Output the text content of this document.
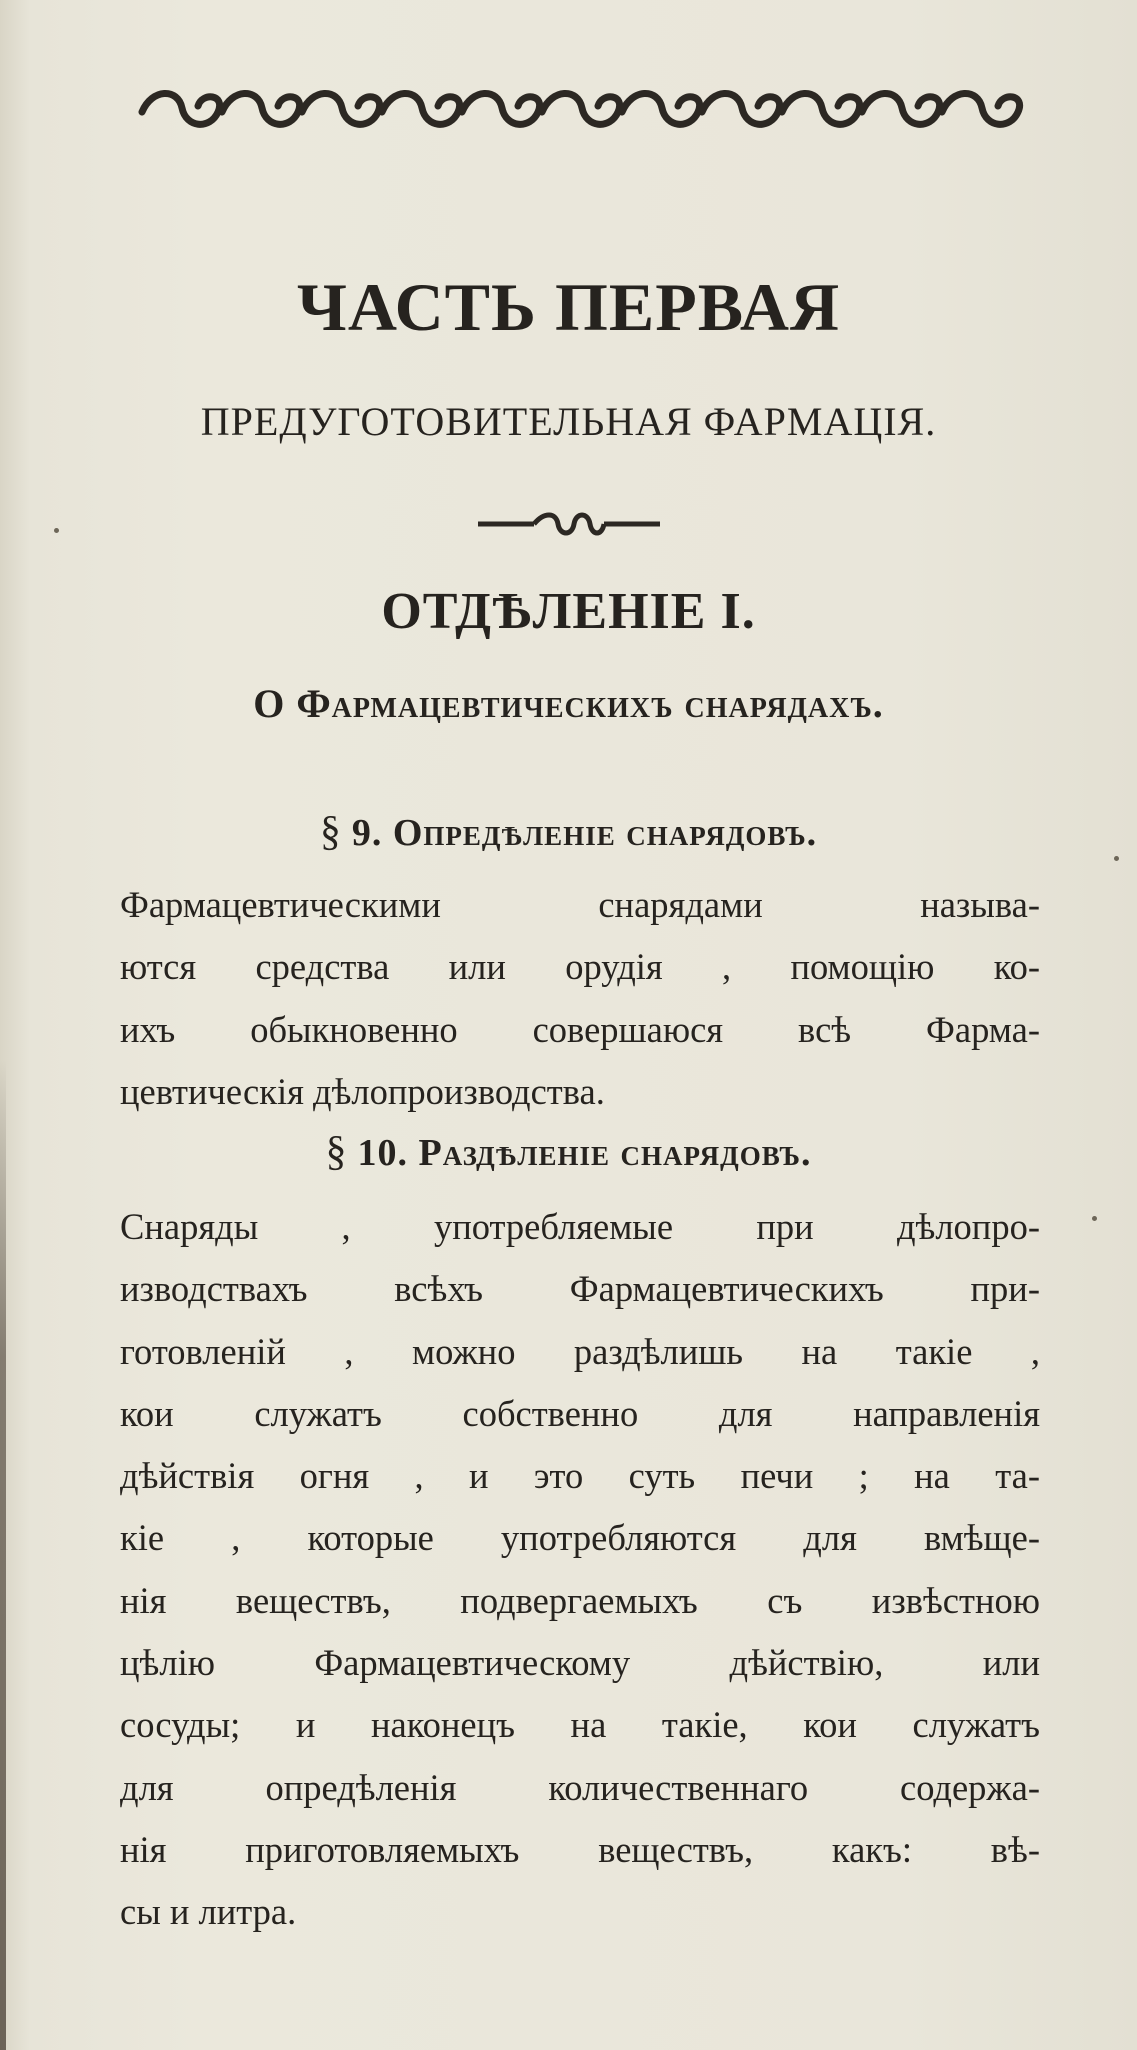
ЧАСТЬ ПЕРВАЯ
ПРЕДУГОТОВИТЕЛЬНАЯ ФАРМАЦІЯ.
ОТДѢЛЕНІЕ I.
О Фармацевтическихъ снарядахъ.
§ 9. Опредѣленіе снарядовъ.
Фармацевтическими снарядами называ-
ются средства или орудія , помощію ко-
ихъ обыкновенно совершаюся всѣ Фарма-
цевтическія дѣлопроизводства.
§ 10. Раздѣленіе снарядовъ.
Снаряды , употребляемые при дѣлопро-
изводствахъ всѣхъ Фармацевтическихъ при-
готовленій , можно раздѣлишь на такіе ,
кои служатъ собственно для направленія
дѣйствія огня , и это суть печи ; на та-
кіе , которые употребляются для вмѣще-
нія веществъ, подвергаемыхъ съ извѣстною
цѣлію Фармацевтическому дѣйствію, или
сосуды; и наконецъ на такіе, кои служатъ
для опредѣленія количественнаго содержа-
нія приготовляемыхъ веществъ, какъ: вѣ-
сы и литра.
